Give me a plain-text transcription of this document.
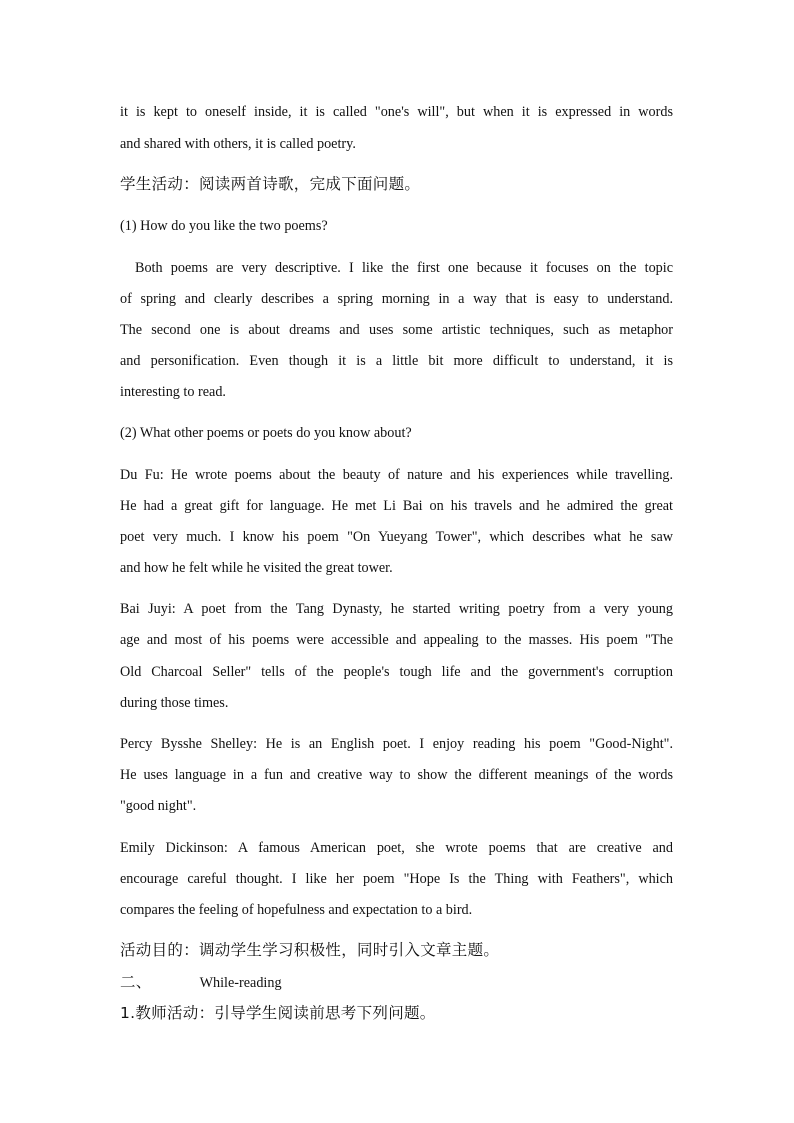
it is kept to oneself inside, it is called "one's will", but when it is expressed in words
and shared with others, it is called poetry.
学生活动：阅读两首诗歌，完成下面问题。
(1) How do you like the two poems?
Both poems are very descriptive. I like the first one because it focuses on the topic
of spring and clearly describes a spring morning in a way that is easy to understand.
The second one is about dreams and uses some artistic techniques, such as metaphor
and personification. Even though it is a little bit more difficult to understand, it is
interesting to read.
(2) What other poems or poets do you know about?
Du Fu: He wrote poems about the beauty of nature and his experiences while travelling.
He had a great gift for language. He met Li Bai on his travels and he admired the great
poet very much. I know his poem "On Yueyang Tower", which describes what he saw
and how he felt while he visited the great tower.
Bai Juyi: A poet from the Tang Dynasty, he started writing poetry from a very young
age and most of his poems were accessible and appealing to the masses. His poem "The
Old Charcoal Seller" tells of the people's tough life and the government's corruption
during those times.
Percy Bysshe Shelley: He is an English poet. I enjoy reading his poem "Good-Night".
He uses language in a fun and creative way to show the different meanings of the words
"good night".
Emily Dickinson: A famous American poet, she wrote poems that are creative and
encourage careful thought. I like her poem "Hope Is the Thing with Feathers", which
compares the feeling of hopefulness and expectation to a bird.
活动目的：调动学生学习积极性，同时引入文章主题。
二、	While-reading
1.教师活动：引导学生阅读前思考下列问题。
